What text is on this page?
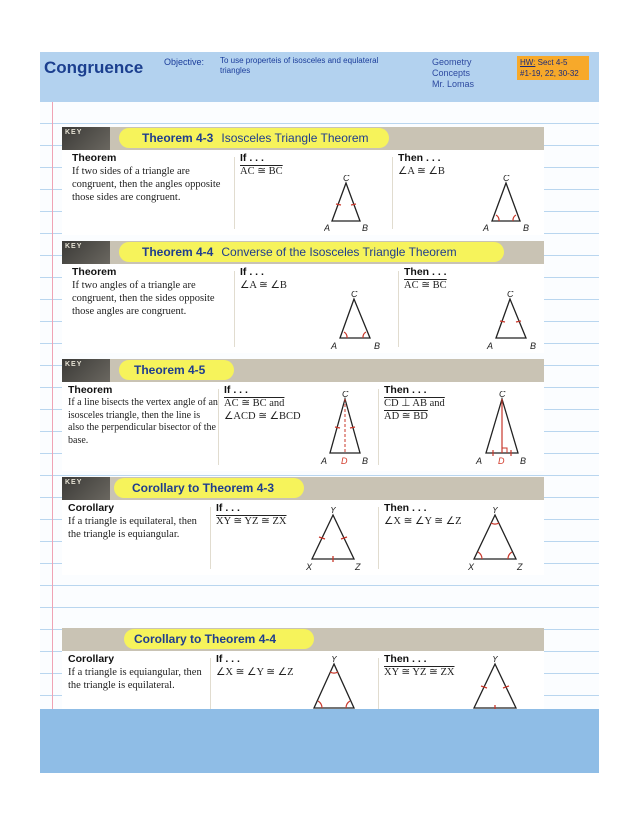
Congruence Objective: To use properteis of isosceles and equlateral triangles
Geometry
Concepts
Mr. Lomas
HW: Sect 4-5
#1-19, 22, 30-32
KEY	Theorem 4-3 Isosceles Triangle Theorem
Theorem
If two sides of a triangle are congruent, then the angles opposite those sides are congruent.
If . . .
AC ≅ BC
C
A	B
Then . . .
∠A ≅ ∠B
C
A	B
KEY	Theorem 4-4 Converse of the Isosceles Triangle Theorem
Theorem
If two angles of a triangle are congruent, then the sides opposite those angles are congruent.
If . . .
∠A ≅ ∠B
C
A	B
Then . . .
AC ≅ BC
C
A	B
KEY	Theorem 4-5
Theorem
If a line bisects the vertex angle of an isosceles triangle, then the line is also the perpendicular bisector of the base.
If . . .
AC ≅ BC and
∠ACD ≅ ∠BCD
C
A D B
Then . . .
CD ⊥ AB and
AD ≅ BD
C
A D B
KEY	Corollary to Theorem 4-3
Corollary
If a triangle is equilateral, then the triangle is equiangular.
If . . .
XY ≅ YZ ≅ ZX
Y
X	Z
Then . . .
∠X ≅ ∠Y ≅ ∠Z
Y
X	Z
Corollary to Theorem 4-4
Corollary
If a triangle is equiangular, then the triangle is equilateral.
If . . .
∠X ≅ ∠Y ≅ ∠Z
Y
X	Z
Then . . .
XY ≅ YZ ≅ ZX
Y
X	Z
